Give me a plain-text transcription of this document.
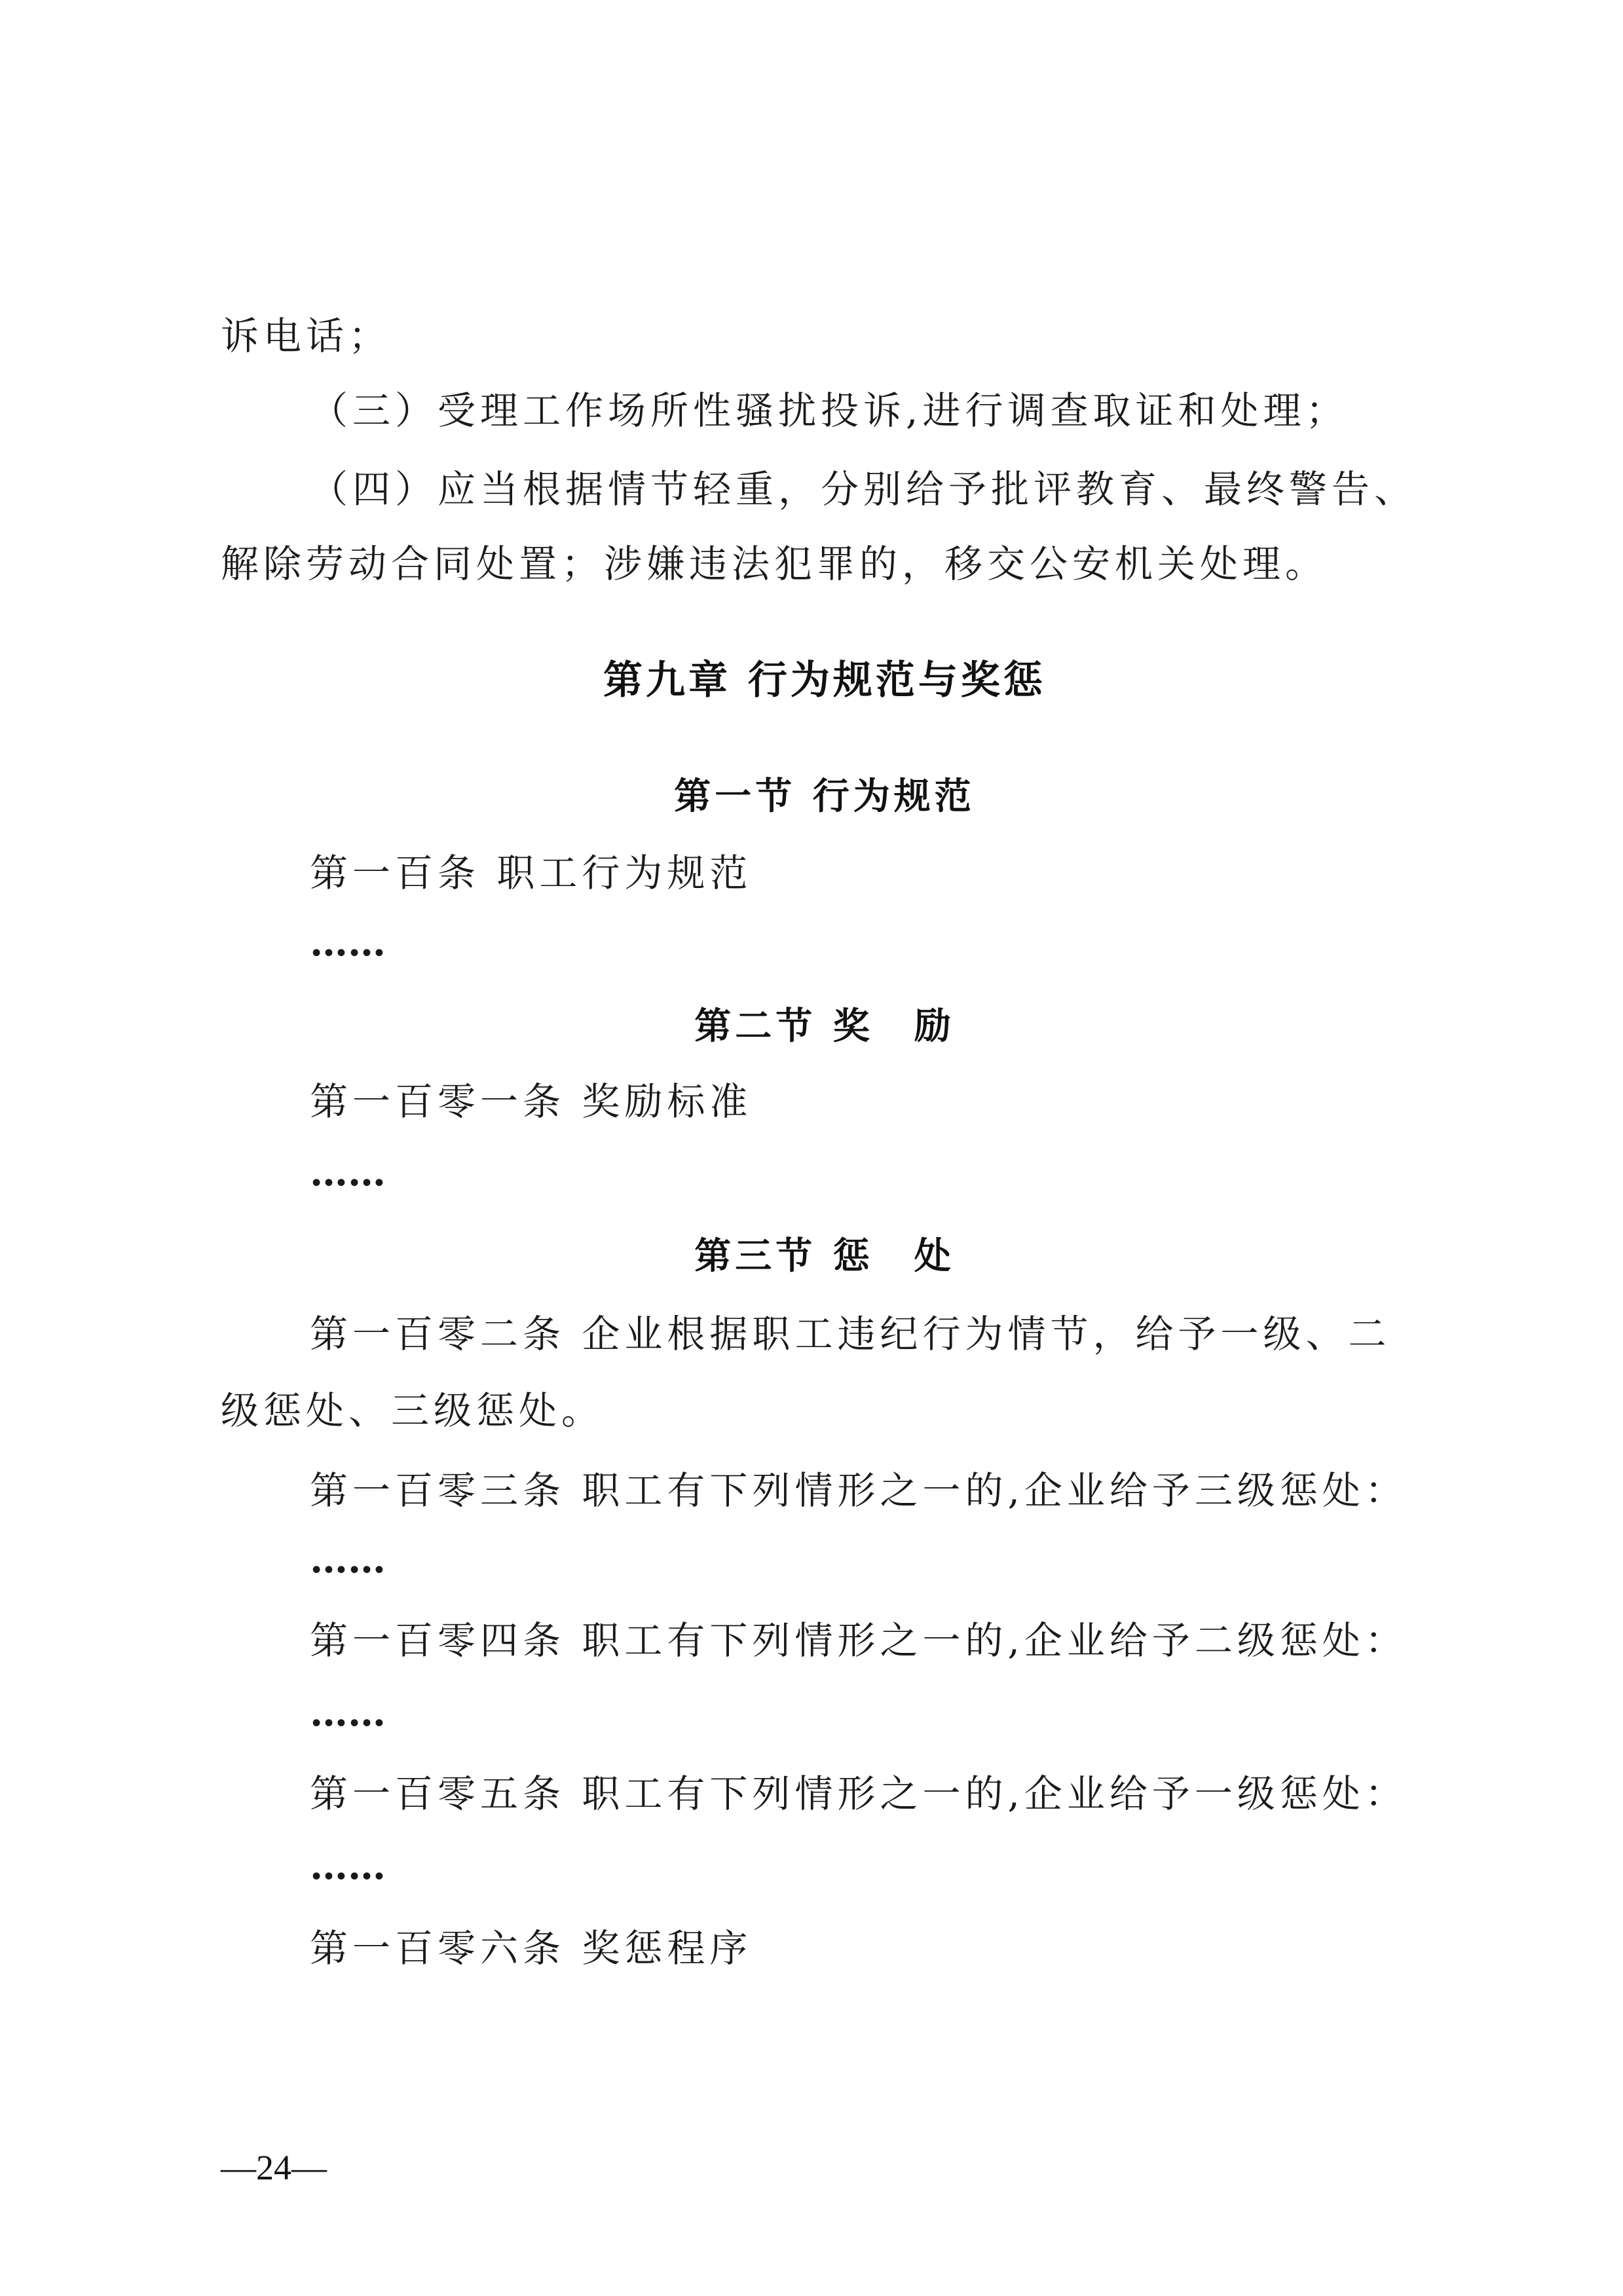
诉电话；
（三）受理工作场所性骚扰投诉,进行调查取证和处理；
（四）应当根据情节轻重，分别给予批评教育、最终警告、
解除劳动合同处置；涉嫌违法犯罪的，移交公安机关处理。
第九章 行为规范与奖惩
第一节 行为规范
第一百条 职工行为规范
……
第二节 奖　励
第一百零一条 奖励标准
……
第三节 惩　处
第一百零二条 企业根据职工违纪行为情节，给予一级、二
级惩处、三级惩处。
第一百零三条 职工有下列情形之一的,企业给予三级惩处：
……
第一百零四条 职工有下列情形之一的,企业给予二级惩处：
……
第一百零五条 职工有下列情形之一的,企业给予一级惩处：
……
第一百零六条 奖惩程序
—24—
